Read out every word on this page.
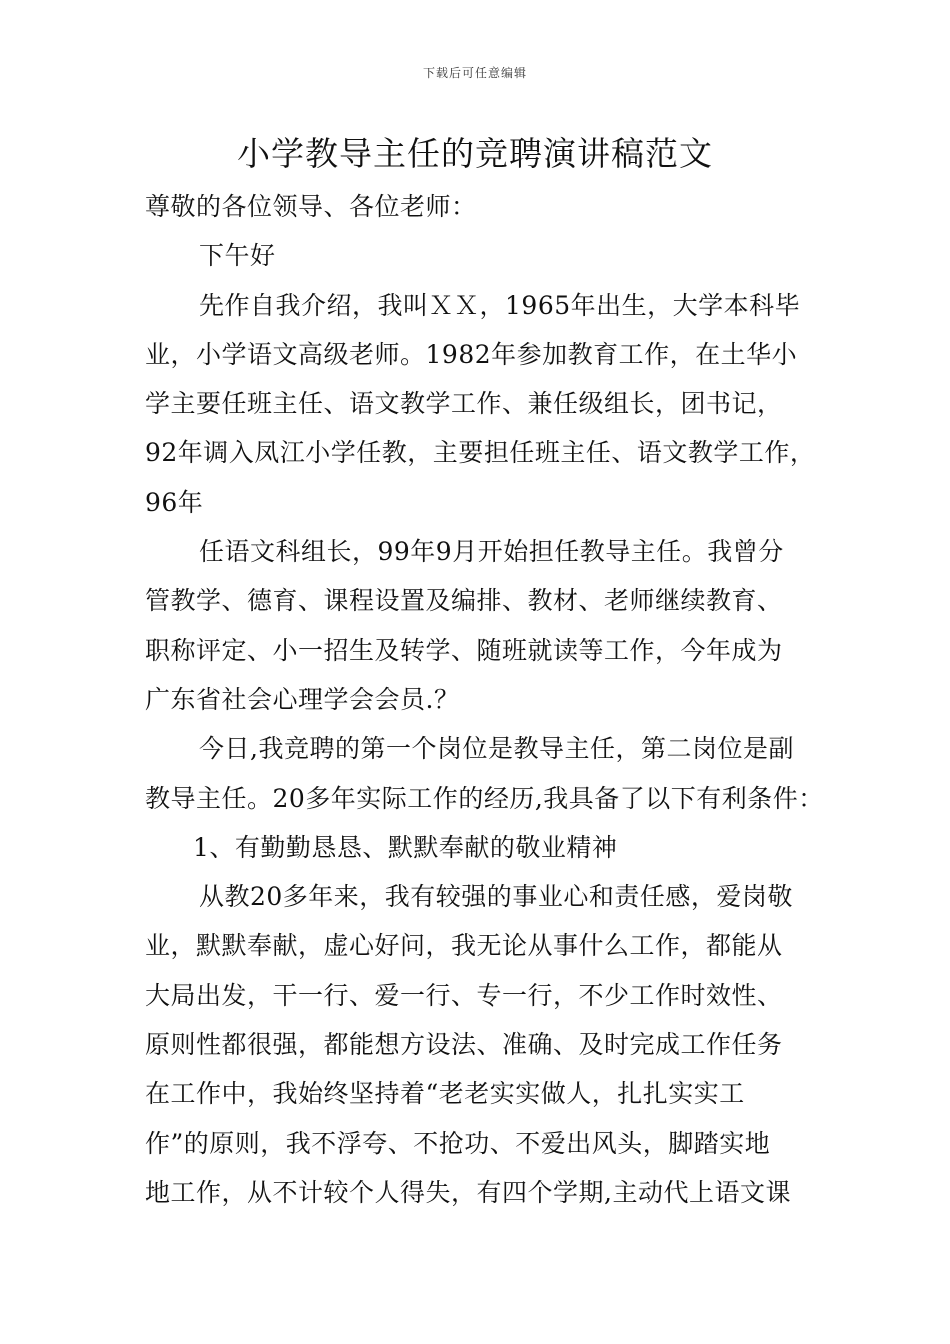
下载后可任意编辑
小学教导主任的竞聘演讲稿范文
尊敬的各位领导、各位老师：
下午好
先作自我介绍，我叫ＸＸ，1965年出生，大学本科毕
业，小学语文高级老师。1982年参加教育工作，在土华小
学主要任班主任、语文教学工作、兼任级组长，团书记，
92年调入凤江小学任教，主要担任班主任、语文教学工作，
96年
任语文科组长，99年9月开始担任教导主任。我曾分
管教学、德育、课程设置及编排、教材、老师继续教育、
职称评定、小一招生及转学、随班就读等工作，今年成为
广东省社会心理学会会员.？
今日,我竞聘的第一个岗位是教导主任，第二岗位是副
教导主任。20多年实际工作的经历,我具备了以下有利条件：
1、有勤勤恳恳、默默奉献的敬业精神
从教20多年来，我有较强的事业心和责任感，爱岗敬
业，默默奉献，虚心好问，我无论从事什么工作，都能从
大局出发，干一行、爱一行、专一行，不少工作时效性、
原则性都很强，都能想方设法、准确、及时完成工作任务
在工作中，我始终坚持着“老老实实做人，扎扎实实工
作”的原则，我不浮夸、不抢功、不爱出风头，脚踏实地
地工作，从不计较个人得失，有四个学期,主动代上语文课
